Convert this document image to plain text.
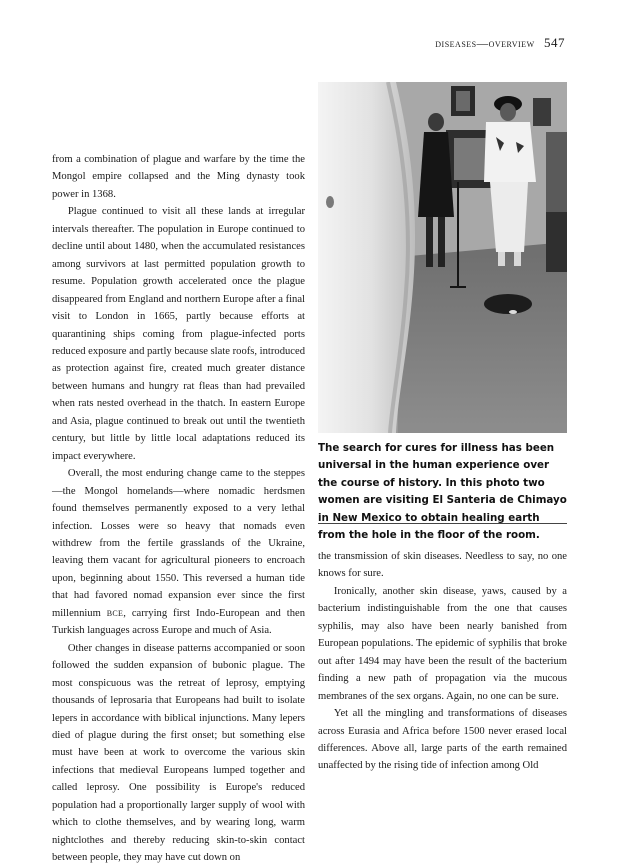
diseases—overview 547

from a combination of plague and warfare by the time the Mongol empire collapsed and the Ming dynasty took power in 1368.

Plague continued to visit all these lands at irregular intervals thereafter. The population in Europe continued to decline until about 1480, when the accumulated resistances among survivors at last permitted population growth to resume. Population growth accelerated once the plague disappeared from England and northern Europe after a final visit to London in 1665, partly because efforts at quarantining ships coming from plague-infected ports reduced exposure and partly because slate roofs, introduced as protection against fire, created much greater distance between humans and hungry rat fleas than had prevailed when rats nested overhead in the thatch. In eastern Europe and Asia, plague continued to break out until the twentieth century, but little by little local adaptations reduced its impact everywhere.

Overall, the most enduring change came to the steppes—the Mongol homelands—where nomadic herdsmen found themselves permanently exposed to a very lethal infection. Losses were so heavy that nomads even withdrew from the fertile grasslands of the Ukraine, leaving them vacant for agricultural pioneers to encroach upon, beginning about 1550. This reversed a human tide that had favored nomad expansion ever since the first millennium BCE, carrying first Indo-European and then Turkish languages across Europe and much of Asia.

Other changes in disease patterns accompanied or soon followed the sudden expansion of bubonic plague. The most conspicuous was the retreat of leprosy, emptying thousands of leprosaria that Europeans had built to isolate lepers in accordance with biblical injunctions. Many lepers died of plague during the first onset; but something else must have been at work to overcome the various skin infections that medieval Europeans lumped together and called leprosy. One possibility is Europe's reduced population had a proportionally larger supply of wool with which to clothe themselves, and by wearing long, warm nightclothes and thereby reducing skin-to-skin contact between people, they may have cut down on

The search for cures for illness has been universal in the human experience over the course of history. In this photo two women are visiting El Santeria de Chimayo in New Mexico to obtain healing earth from the hole in the floor of the room.

the transmission of skin diseases. Needless to say, no one knows for sure.

Ironically, another skin disease, yaws, caused by a bacterium indistinguishable from the one that causes syphilis, may also have been nearly banished from European populations. The epidemic of syphilis that broke out after 1494 may have been the result of the bacterium finding a new path of propagation via the mucous membranes of the sex organs. Again, no one can be sure.

Yet all the mingling and transformations of diseases across Eurasia and Africa before 1500 never erased local differences. Above all, large parts of the earth remained unaffected by the rising tide of infection among Old
